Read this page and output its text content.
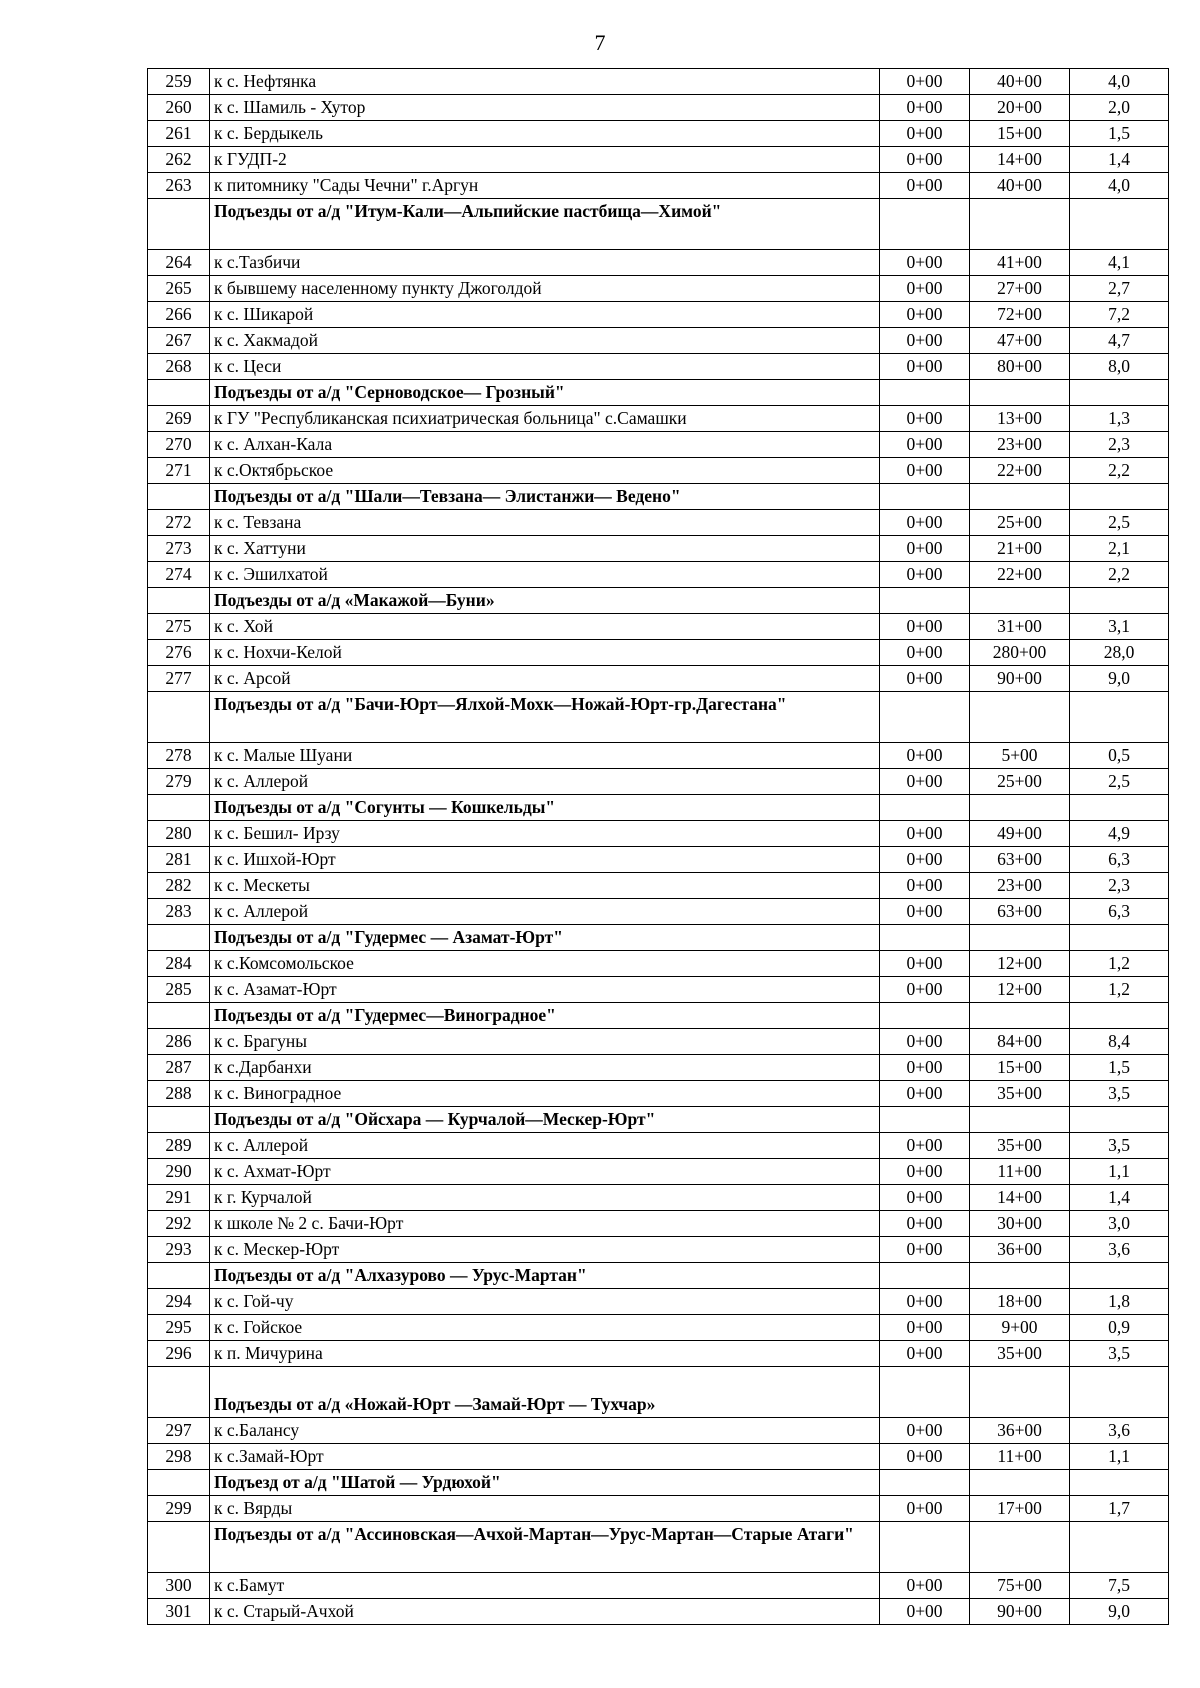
7
259	к с. Нефтянка	0+00	40+00	4,0
260	к с. Шамиль - Хутор	0+00	20+00	2,0
261	к с. Бердыкель	0+00	15+00	1,5
262	к ГУДП-2	0+00	14+00	1,4
263	к питомнику "Сады Чечни" г.Аргун	0+00	40+00	4,0
	Подъезды от а/д "Итум-Кали—Альпийские пастбища—Химой"			
264	к с.Тазбичи	0+00	41+00	4,1
265	к бывшему населенному пункту Джоголдой	0+00	27+00	2,7
266	к с. Шикарой	0+00	72+00	7,2
267	к с. Хакмадой	0+00	47+00	4,7
268	к с. Цеси	0+00	80+00	8,0
	Подъезды от а/д "Серноводское— Грозный"			
269	к ГУ "Республиканская психиатрическая больница" с.Самашки	0+00	13+00	1,3
270	к с. Алхан-Кала	0+00	23+00	2,3
271	к с.Октябрьское	0+00	22+00	2,2
	Подъезды от а/д "Шали—Тевзана— Элистанжи— Ведено"			
272	к с. Тевзана	0+00	25+00	2,5
273	к с. Хаттуни	0+00	21+00	2,1
274	к с. Эшилхатой	0+00	22+00	2,2
	Подъезды от а/д «Макажой—Буни»			
275	к с. Хой	0+00	31+00	3,1
276	к с. Нохчи-Келой	0+00	280+00	28,0
277	к с. Арсой	0+00	90+00	9,0
	Подъезды от а/д "Бачи-Юрт—Ялхой-Мохк—Ножай-Юрт-гр.Дагестана"			
278	к с. Малые Шуани	0+00	5+00	0,5
279	к с. Аллерой	0+00	25+00	2,5
	Подъезды от а/д "Согунты — Кошкельды"			
280	к с. Бешил- Ирзу	0+00	49+00	4,9
281	к с. Ишхой-Юрт	0+00	63+00	6,3
282	к с. Мескеты	0+00	23+00	2,3
283	к с. Аллерой	0+00	63+00	6,3
	Подъезды от а/д "Гудермес — Азамат-Юрт"			
284	к с.Комсомольское	0+00	12+00	1,2
285	к с. Азамат-Юрт	0+00	12+00	1,2
	Подъезды от а/д "Гудермес—Виноградное"			
286	к с. Брагуны	0+00	84+00	8,4
287	к с.Дарбанхи	0+00	15+00	1,5
288	к с. Виноградное	0+00	35+00	3,5
	Подъезды от а/д "Ойсхара — Курчалой—Мескер-Юрт"			
289	к с. Аллерой	0+00	35+00	3,5
290	к с. Ахмат-Юрт	0+00	11+00	1,1
291	к г. Курчалой	0+00	14+00	1,4
292	к школе № 2 с. Бачи-Юрт	0+00	30+00	3,0
293	к с. Мескер-Юрт	0+00	36+00	3,6
	Подъезды от а/д "Алхазурово — Урус-Мартан"			
294	к с. Гой-чу	0+00	18+00	1,8
295	к с. Гойское	0+00	9+00	0,9
296	к п. Мичурина	0+00	35+00	3,5
	Подъезды от а/д «Ножай-Юрт —Замай-Юрт — Тухчар»			
297	к с.Балансу	0+00	36+00	3,6
298	к с.Замай-Юрт	0+00	11+00	1,1
	Подъезд от а/д "Шатой — Урдюхой"			
299	к с. Вярды	0+00	17+00	1,7
	Подъезды от а/д "Ассиновская—Ачхой-Мартан—Урус-Мартан—Старые Атаги"			
300	к с.Бамут	0+00	75+00	7,5
301	к с. Старый-Ачхой	0+00	90+00	9,0
